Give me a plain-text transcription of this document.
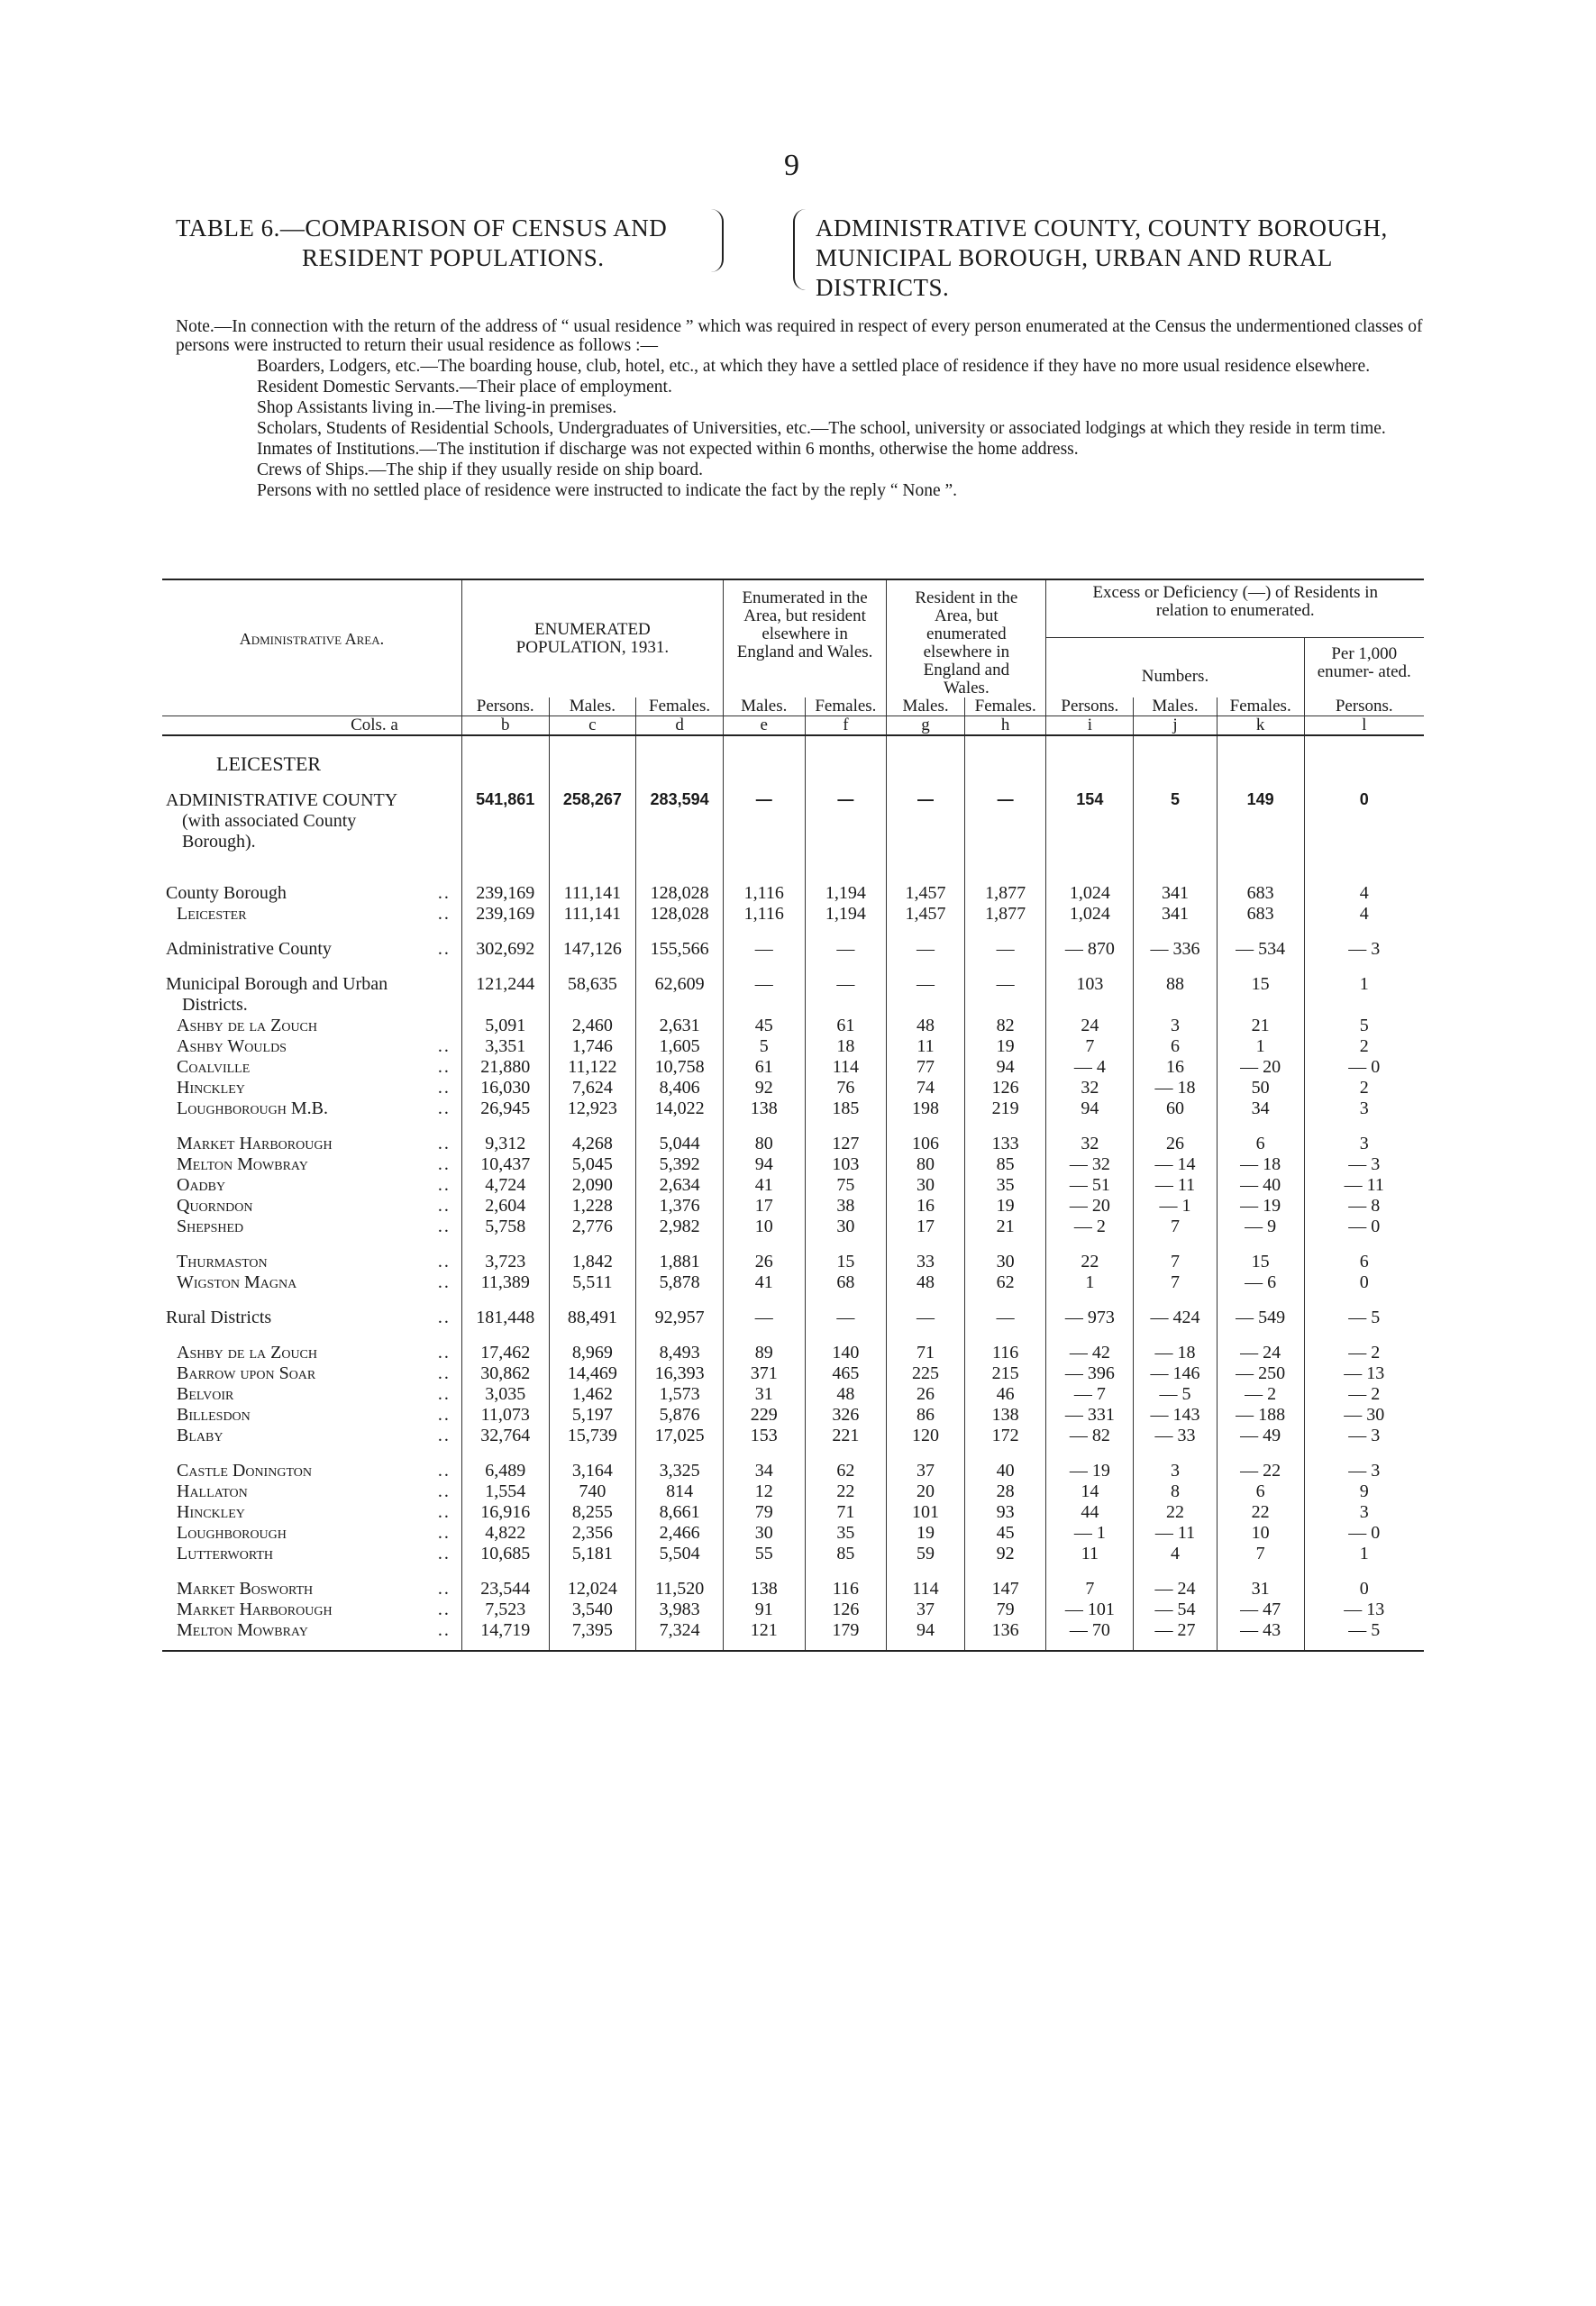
9
TABLE 6.—COMPARISON OF CENSUS AND
RESIDENT POPULATIONS.
ADMINISTRATIVE COUNTY, COUNTY BOROUGH,
MUNICIPAL BOROUGH, URBAN AND RURAL
DISTRICTS.

Note.—In connection with the return of the address of “ usual residence ” which was required in respect of every person enumerated at the Census the undermentioned classes of persons were instructed to return their usual residence as follows :—

Boarders, Lodgers, etc.—The boarding house, club, hotel, etc., at which they have a settled place of residence if they have no more usual residence elsewhere.

Resident Domestic Servants.—Their place of employment.

Shop Assistants living in.—The living-in premises.

Scholars, Students of Residential Schools, Undergraduates of Universities, etc.—The school, university or associated lodgings at which they reside in term time.

Inmates of Institutions.—The institution if discharge was not expected within 6 months, otherwise the home address.

Crews of Ships.—The ship if they usually reside on ship board.

Persons with no settled place of residence were instructed to indicate the fact by the reply “ None ”.

Administrative Area.	ENUMERATED POPULATION, 1931.			Enumerated in the Area, but resident elsewhere in England and Wales.		Resident in the Area, but enumerated elsewhere in England and Wales.		Excess or Deficiency (—) of Residents in relation to enumerated.			
								Numbers.			Per 1,000 enumer- ated.
	Persons.	Males.	Females.	Males.	Females.	Males.	Females.	Persons.	Males.	Females.	Persons.
Cols. a	b	c	d	e	f	g	h	i	j	k	l
LEICESTER											
ADMINISTRATIVE COUNTY
(with associated County
Borough).	541,861	258,267	283,594	—	—	—	—	154	5	149	0

County Borough ..	239,169	111,141	128,028	1,116	1,194	1,457	1,877	1,024	341	683	4
Leicester ..	239,169	111,141	128,028	1,116	1,194	1,457	1,877	1,024	341	683	4

Administrative County ..	302,692	147,126	155,566	—	—	—	—	— 870	— 336	— 534	— 3

Municipal Borough and Urban
Districts.	121,244	58,635	62,609	—	—	—	—	103	88	15	1
Ashby de la Zouch	5,091	2,460	2,631	45	61	48	82	24	3	21	5
Ashby Woulds ..	3,351	1,746	1,605	5	18	11	19	7	6	1	2
Coalville ..	21,880	11,122	10,758	61	114	77	94	— 4	16	— 20	— 0
Hinckley ..	16,030	7,624	8,406	92	76	74	126	32	— 18	50	2
Loughborough M.B. ..	26,945	12,923	14,022	138	185	198	219	94	60	34	3

Market Harborough ..	9,312	4,268	5,044	80	127	106	133	32	26	6	3
Melton Mowbray ..	10,437	5,045	5,392	94	103	80	85	— 32	— 14	— 18	— 3
Oadby ..	4,724	2,090	2,634	41	75	30	35	— 51	— 11	— 40	— 11
Quorndon ..	2,604	1,228	1,376	17	38	16	19	— 20	— 1	— 19	— 8
Shepshed ..	5,758	2,776	2,982	10	30	17	21	— 2	7	— 9	— 0

Thurmaston ..	3,723	1,842	1,881	26	15	33	30	22	7	15	6
Wigston Magna ..	11,389	5,511	5,878	41	68	48	62	1	7	— 6	0

Rural Districts ..	181,448	88,491	92,957	—	—	—	—	— 973	— 424	— 549	— 5

Ashby de la Zouch ..	17,462	8,969	8,493	89	140	71	116	— 42	— 18	— 24	— 2
Barrow upon Soar ..	30,862	14,469	16,393	371	465	225	215	— 396	— 146	— 250	— 13
Belvoir ..	3,035	1,462	1,573	31	48	26	46	— 7	— 5	— 2	— 2
Billesdon ..	11,073	5,197	5,876	229	326	86	138	— 331	— 143	— 188	— 30
Blaby ..	32,764	15,739	17,025	153	221	120	172	— 82	— 33	— 49	— 3

Castle Donington ..	6,489	3,164	3,325	34	62	37	40	— 19	3	— 22	— 3
Hallaton ..	1,554	740	814	12	22	20	28	14	8	6	9
Hinckley ..	16,916	8,255	8,661	79	71	101	93	44	22	22	3
Loughborough ..	4,822	2,356	2,466	30	35	19	45	— 1	— 11	10	— 0
Lutterworth ..	10,685	5,181	5,504	55	85	59	92	11	4	7	1

Market Bosworth ..	23,544	12,024	11,520	138	116	114	147	7	— 24	31	0
Market Harborough ..	7,523	3,540	3,983	91	126	37	79	— 101	— 54	— 47	— 13
Melton Mowbray ..	14,719	7,395	7,324	121	179	94	136	— 70	— 27	— 43	— 5
